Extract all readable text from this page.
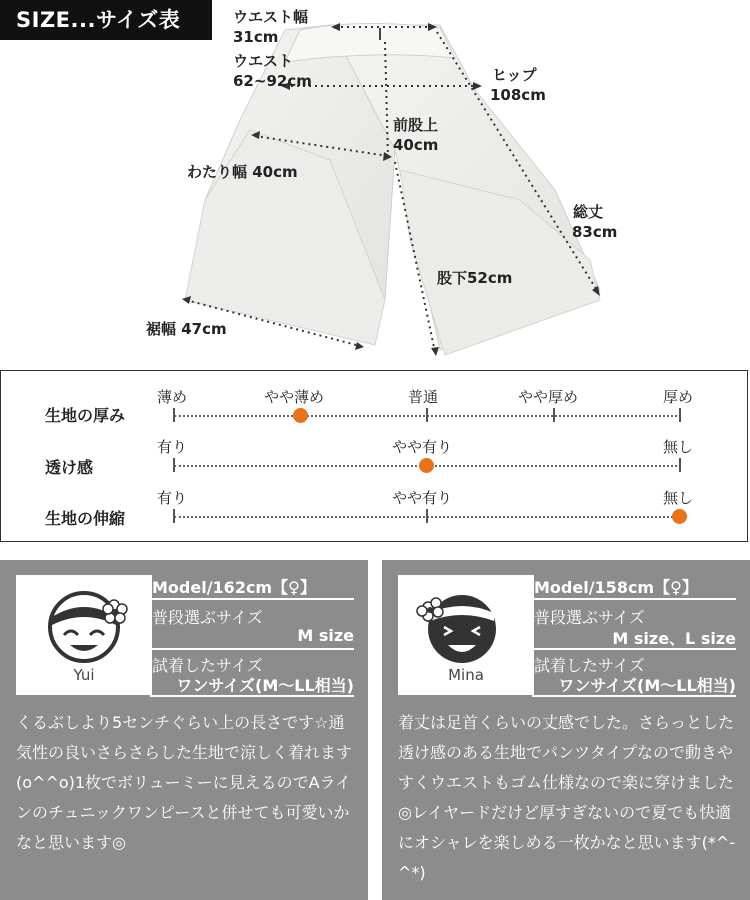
SIZE...サイズ表	ウエスト幅
31cm
ウエスト
62~92cm	ヒップ
108cm
前股上
40cm
わたり幅 40cm
総丈
83cm
股下52cm
裾幅 47cm
生地の厚み
薄め	やや薄め	普通	やや厚め	厚め
透け感
有り	やや有り	無し
生地の伸縮
有り	やや有り	無し
Yui
Model/162cm【♀】
普段選ぶサイズ
M size
試着したサイズ
ワンサイズ(M〜LL相当)
くるぶしより5センチぐらい上の長さです☆通気性の良いさらさらした生地で涼しく着れます(o^^o)1枚でボリューミーに見えるのでAラインのチュニックワンピースと併せても可愛いかなと思います◎
Mina
Model/158cm【♀】
普段選ぶサイズ
M size、L size
試着したサイズ
ワンサイズ(M〜LL相当)
着丈は足首くらいの丈感でした。さらっとした透け感のある生地でパンツタイプなので動きやすくウエストもゴム仕様なので楽に穿けました◎レイヤードだけど厚すぎないので夏でも快適にオシャレを楽しめる一枚かなと思います(*^-^*)
